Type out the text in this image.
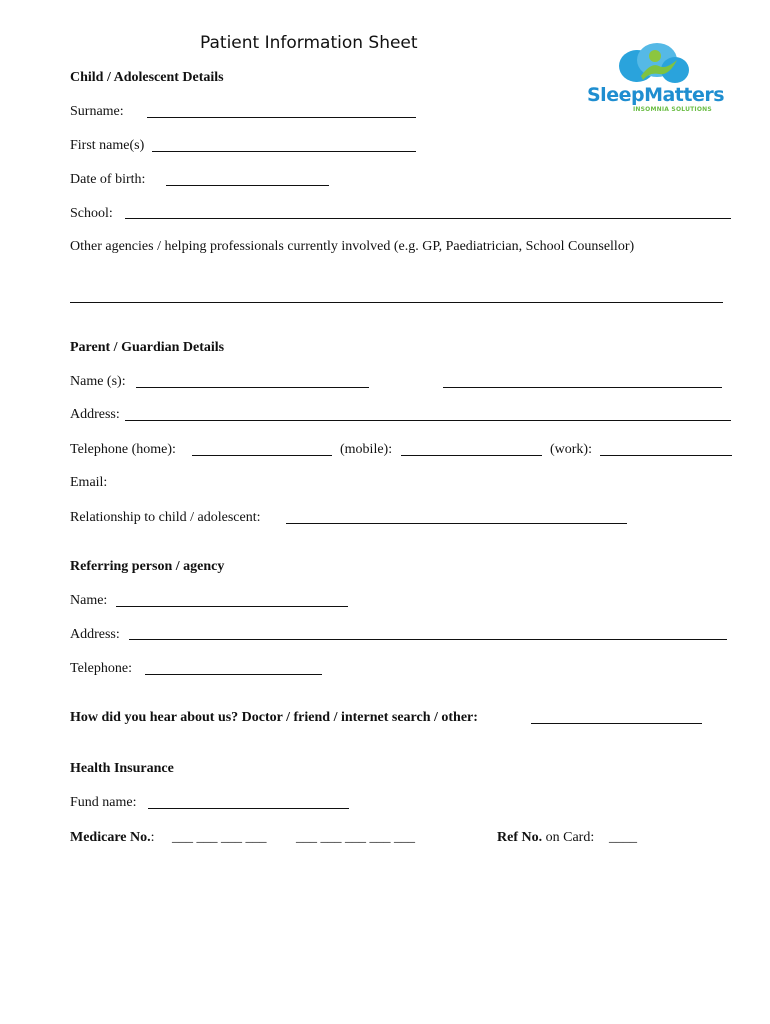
Patient Information Sheet
SleepMatters
INSOMNIA SOLUTIONS
Child / Adolescent Details
Surname:
First name(s)
Date of birth:
School:
Other agencies / helping professionals currently involved (e.g. GP, Paediatrician, School Counsellor)
Parent / Guardian Details
Name (s):
Address:
Telephone (home):	(mobile):	(work):
Email:
Relationship to child / adolescent:
Referring person / agency
Name:
Address:
Telephone:
How did you hear about us? Doctor / friend / internet search / other:
Health Insurance
Fund name:
Medicare No.: ___ ___ ___ ___ ___ ___ ___ ___ ___	Ref No. on Card: ____
